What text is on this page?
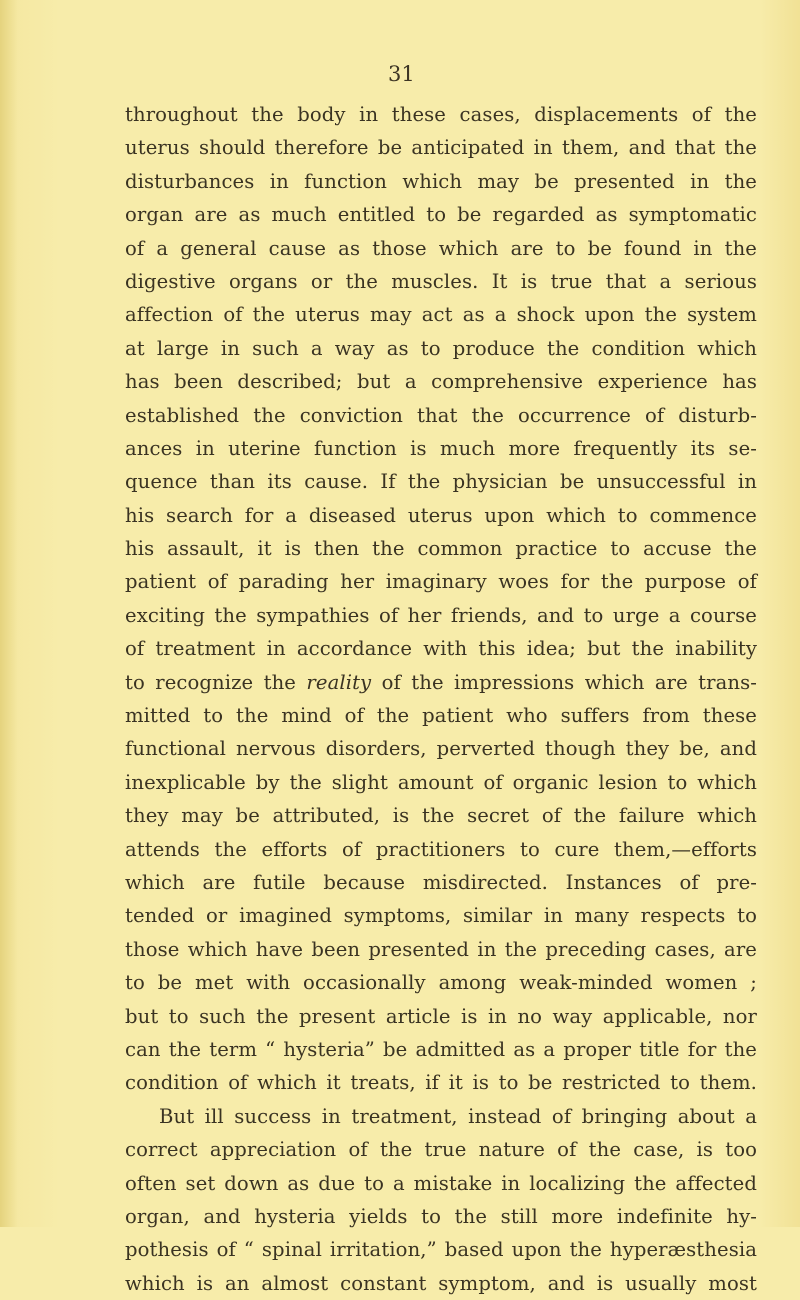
31
throughout the body in these cases, displacements of the
uterus should therefore be anticipated in them, and that the
disturbances in function which may be presented in the
organ are as much entitled to be regarded as symptomatic
of a general cause as those which are to be found in the
digestive organs or the muscles. It is true that a serious
affection of the uterus may act as a shock upon the system
at large in such a way as to produce the condition which
has been described; but a comprehensive experience has
established the conviction that the occurrence of disturb-
ances in uterine function is much more frequently its se-
quence than its cause. If the physician be unsuccessful in
his search for a diseased uterus upon which to commence
his assault, it is then the common practice to accuse the
patient of parading her imaginary woes for the purpose of
exciting the sympathies of her friends, and to urge a course
of treatment in accordance with this idea; but the inability
to recognize the reality of the impressions which are trans-
mitted to the mind of the patient who suffers from these
functional nervous disorders, perverted though they be, and
inexplicable by the slight amount of organic lesion to which
they may be attributed, is the secret of the failure which
attends the efforts of practitioners to cure them,—efforts
which are futile because misdirected. Instances of pre-
tended or imagined symptoms, similar in many respects to
those which have been presented in the preceding cases, are
to be met with occasionally among weak-minded women ;
but to such the present article is in no way applicable, nor
can the term “ hysteria” be admitted as a proper title for the
condition of which it treats, if it is to be restricted to them.
But ill success in treatment, instead of bringing about a
correct appreciation of the true nature of the case, is too
often set down as due to a mistake in localizing the affected
organ, and hysteria yields to the still more indefinite hy-
pothesis of “ spinal irritation,” based upon the hyperæsthesia
which is an almost constant symptom, and is usually most
